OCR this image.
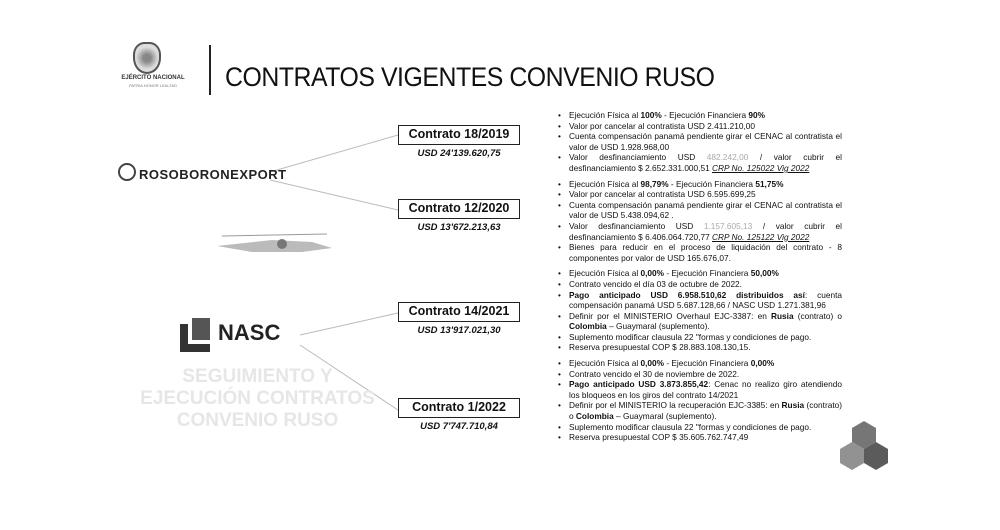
SEGUIMIENTO Y EJECUCIÓN CONTRATOS
CONVENIO RUSO
EJÉRCITO NACIONAL
PATRIA HONOR LEALTAD	CONTRATOS VIGENTES CONVENIO RUSO
ROSOBORONEXPORT
NASC
Contrato 18/2019
USD 24'139.620,75
Contrato 12/2020
USD 13'672.213,63
Contrato 14/2021
USD 13'917.021,30
Contrato 1/2022
USD 7'747.710,84
• Ejecución Física al 100% - Ejecución Financiera 90%
• Valor por cancelar al contratista USD 2.411.210,00
• Cuenta compensación panamá pendiente girar el CENAC al contratista el valor de USD 1.928.968,00
• Valor desfinanciamiento USD 482.242,00 / valor cubrir el desfinanciamiento $ 2.652.331.000,51 CRP No. 125022 Vig 2022
• Ejecución Física al 98,79% - Ejecución Financiera 51,75%
• Valor por cancelar al contratista USD 6.595.699,25
• Cuenta compensación panamá pendiente girar el CENAC al contratista el valor de USD 5.438.094,62 .
• Valor desfinanciamiento USD 1.157.605,13 / valor cubrir el desfinanciamiento $ 6.406.064.720,77 CRP No. 125122 Vig 2022
• Bienes para reducir en el proceso de liquidación del contrato - 8 componentes por valor de USD 165.676,07.
• Ejecución Física al 0,00% - Ejecución Financiera 50,00%
• Contrato vencido el día 03 de octubre de 2022.
• Pago anticipado USD 6.958.510,62 distribuidos así: cuenta compensación panamá USD 5.687.128,66 / NASC USD 1.271.381,96
• Definir por el MINISTERIO Overhaul EJC-3387: en Rusia (contrato) o Colombia – Guaymaral (suplemento).
• Suplemento modificar clausula 22 "formas y condiciones de pago.
• Reserva presupuestal COP $ 28.883.108.130,15.
• Ejecución Física al 0,00% - Ejecución Financiera 0,00%
• Contrato vencido el 30 de noviembre de 2022.
• Pago anticipado USD 3.873.855,42: Cenac no realizo giro atendiendo los bloqueos en los giros del contrato 14/2021
• Definir por el MINISTERIO la recuperación EJC-3385: en Rusia (contrato) o Colombia – Guaymaral (suplemento).
• Suplemento modificar clausula 22 "formas y condiciones de pago.
• Reserva presupuestal COP $ 35.605.762.747,49
